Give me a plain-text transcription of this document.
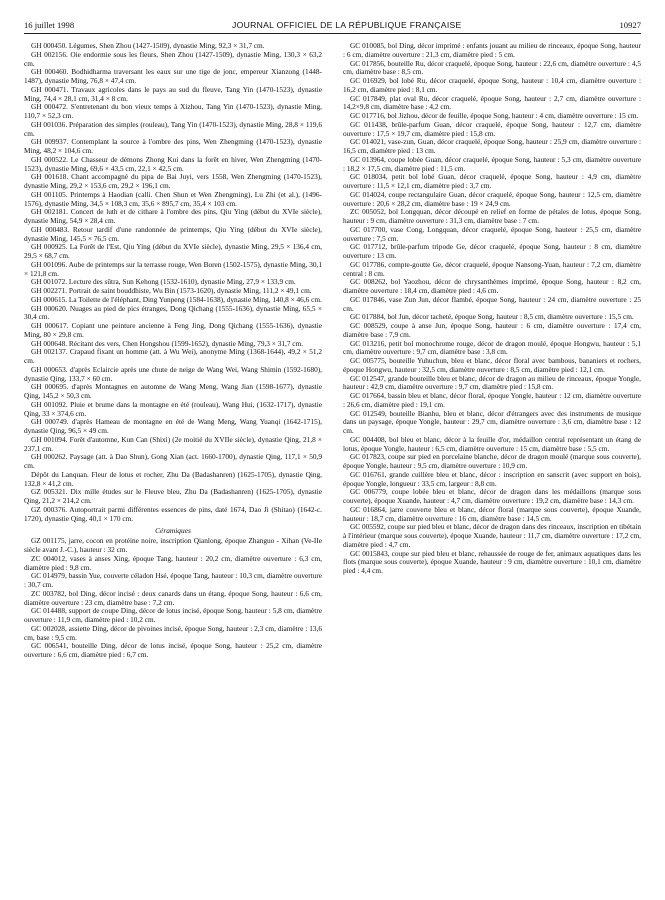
16 juillet 1998	JOURNAL OFFICIEL DE LA RÉPUBLIQUE FRANÇAISE	10927

GH 000450. Légumes, Shen Zhou (1427-1509), dynastie Ming, 92,3 × 31,7 cm.

GH 002156. Oie endormie sous les fleurs, Shen Zhou (1427-1509), dynastie Ming, 130,3 × 63,2 cm.

GH 000460. Bodhidharma traversant les eaux sur une tige de jonc, empereur Xianzong (1448-1487), dynastie Ming, 76,8 × 47,4 cm.

GH 000471. Travaux agricoles dans le pays au sud du fleuve, Tang Yin (1470-1523), dynastie Ming, 74,4 × 28,1 cm, 31,4 × 8 cm.

GH 000472. S'entretenant du bon vieux temps à Xizhou, Tang Yin (1470-1523), dynastie Ming, 110,7 × 52,3 cm.

GH 001036. Préparation des simples (rouleau), Tang Yin (1470-1523), dynastie Ming, 28,8 × 119,6 cm.

GH 009937. Contemplant la source à l'ombre des pins, Wen Zhengming (1470-1523), dynastie Ming, 48,2 × 104,6 cm.

GH 000522. Le Chasseur de démons Zhong Kui dans la forêt en hiver, Wen Zhengming (1470-1523), dynastie Ming, 69,6 × 43,5 cm, 22,1 × 42,5 cm.

GH 001618. Chant accompagné du pipa de Bai Juyi, vers 1558, Wen Zhengming (1470-1523), dynastie Ming, 29,2 × 153,6 cm, 29,2 × 196,1 cm.

GH 001105. Printemps à Haodian (calli. Chen Shun et Wen Zhengming), Lu Zhi (et al.), (1496-1576), dynastie Ming, 34,5 × 108,3 cm, 35,6 × 895,7 cm, 35,4 × 103 cm.

GH 002181. Concert de luth et de cithare à l'ombre des pins, Qiu Ying (début du XVIe siècle), dynastie Ming, 54,9 × 28,4 cm.

GH 000483. Retour tardif d'une randonnée de printemps, Qiu Ying (début du XVIe siècle), dynastie Ming, 145,5 × 76,5 cm.

GH 000925. La Forêt de l'Est, Qiu Ying (début du XVIe siècle), dynastie Ming, 29,5 × 136,4 cm, 29,5 × 68,7 cm.

GH 001096. Aube de printemps sur la terrasse rouge, Wen Boren (1502-1575), dynastie Ming, 30,1 × 121,8 cm.

GH 001072. Lecture des sûtra, Sun Kehong (1532-1610), dynastie Ming, 27,9 × 133,9 cm.

GH 002271. Portrait de saint bouddhiste, Wu Bin (1573-1620), dynastie Ming, 111,2 × 49,1 cm.

GH 000615. La Toilette de l'éléphant, Ding Yunpeng (1584-1638), dynastie Ming, 140,8 × 46,6 cm.

GH 000620. Nuages au pied de pics étranges, Dong Qichang (1555-1636), dynastie Ming, 65,5 × 30,4 cm.

GH 000617. Copiant une peinture ancienne à Feng Jing, Dong Qichang (1555-1636), dynastie Ming, 80 × 29,8 cm.

GH 000648. Récitant des vers, Chen Hongshou (1599-1652), dynastie Ming, 79,3 × 31,7 cm.

GH 002137. Crapaud fixant un homme (att. à Wu Wei), anonyme Ming (1368-1644), 49,2 × 51,2 cm.

GH 000653. d'après Eclaircie après une chute de neige de Wang Wei, Wang Shimin (1592-1680), dynastie Qing, 133,7 × 60 cm.

GH 000695. d'après Montagnes en automne de Wang Meng, Wang Jian (1598-1677), dynastie Qing, 145,2 × 50,3 cm.

GH 001092. Pluie et brume dans la montagne en été (rouleau), Wang Hui, (1632-1717), dynastie Qing, 33 × 374,6 cm.

GH 000749. d'après Hameau de montagne en été de Wang Meng, Wang Yuanqi (1642-1715), dynastie Qing, 96,5 × 49 cm.

GH 001094. Forêt d'automne, Kun Can (Shixi) (2e moitié du XVIIe siècle), dynastie Qing, 21,8 × 237,1 cm.

GH 000262. Paysage (att. à Dao Shun), Gong Xian (act. 1660-1700), dynastie Qing, 117,1 × 50,9 cm.

Dépôt du Lanquan. Fleur de lotus et rocher, Zhu Da (Badashanren) (1625-1705), dynastie Qing, 132,8 × 41,2 cm.

GZ 005321. Dix mille études sur le Fleuve bleu, Zhu Da (Badashanren) (1625-1705), dynastie Qing, 21,2 × 214,2 cm.

GZ 000376. Autoportrait parmi différentes essences de pins, daté 1674, Dao Ji (Shitao) (1642-c. 1720), dynastie Qing, 40,1 × 170 cm.

Céramiques

GZ 001175, jarre, cocon en protéine noire, inscription Qianlong, époque Zhanguo - Xihan (Ve-IIe siècle avant J.-C.), hauteur : 32 cm.

ZC 004012, vases à anses Xing, époque Tang, hauteur : 20,2 cm, diamètre ouverture : 6,3 cm, diamètre pied : 9,8 cm.

GC 014979, bassin Yue, couverte céladon Hsé, époque Tang, hauteur : 10,3 cm, diamètre ouverture : 30,7 cm.

ZC 003782, bol Ding, décor incisé : deux canards dans un étang, époque Song, hauteur : 6,6 cm, diamètre ouverture : 23 cm, diamètre base : 7,2 cm.

GC 014488, support de coupe Ding, décor de lotus incisé, époque Song, hauteur : 5,8 cm, diamètre ouverture : 11,9 cm, diamètre pied : 10,2 cm.

GC 002028, assiette Ding, décor de pivoines incisé, époque Song, hauteur : 2,3 cm, diamètre : 13,6 cm, base : 9,5 cm.

GC 006541, bouteille Ding, décor de lotus incisé, époque Song, hauteur : 25,2 cm, diamètre ouverture : 6,6 cm, diamètre pied : 6,7 cm.

GC 010085, bol Ding, décor imprimé : enfants jouant au milieu de rinceaux, époque Song, hauteur : 6 cm, diamètre ouverture : 21,3 cm, diamètre pied : 5 cm.

GC 017856, bouteille Ru, décor craquelé, époque Song, hauteur : 22,6 cm, diamètre ouverture : 4,5 cm, diamètre base : 8,5 cm.

GC 016929, bol lobé Ru, décor craquelé, époque Song, hauteur : 10,4 cm, diamètre ouverture : 16,2 cm, diamètre pied : 8,1 cm.

GC 017849, plat oval Ru, décor craquelé, époque Song, hauteur : 2,7 cm, diamètre ouverture : 14,2×9,8 cm, diamètre base : 4,2 cm.

GC 017716, bol Jizhou, décor de feuille, époque Song, hauteur : 4 cm, diamètre ouverture : 15 cm.

GC 011438, brûle-parfum Guan, décor craquelé, époque Song, hauteur : 12,7 cm, diamètre ouverture : 17,5 × 19,7 cm, diamètre pied : 15,8 cm.

GC 014021, vase-zun, Guan, décor craquelé, époque Song, hauteur : 25,9 cm, diamètre ouverture : 16,5 cm, diamètre pied : 13 cm.

GC 013964, coupe lobée Guan, décor craquelé, époque Song, hauteur : 5,3 cm, diamètre ouverture : 18,2 × 17,5 cm, diamètre pied : 11,5 cm.

GC 018034, petit bol lobé Guan, décor craquelé, époque Song, hauteur : 4,9 cm, diamètre ouverture : 11,5 × 12,1 cm, diamètre pied : 3,7 cm.

GC 014024, coupe rectangulaire Guan, décor craquelé, époque Song, hauteur : 12,5 cm, diamètre ouverture : 20,6 × 28,2 cm, diamètre base : 19 × 24,9 cm.

ZC 005052, bol Longquan, décor découpé en relief en forme de pétales de lotus, époque Song, hauteur : 9 cm, diamètre ouverture : 31,3 cm, diamètre base : 7 cm.

GC 017700, vase Cong, Longquan, décor craquelé, époque Song, hauteur : 25,5 cm, diamètre ouverture : 7,5 cm.

GC 017712, brûle-parfum tripode Ge, décor craquelé, époque Song, hauteur : 8 cm, diamètre ouverture : 13 cm.

GC 017786, compte-goutte Ge, décor craquelé, époque Nansong-Yuan, hauteur : 7,2 cm, diamètre central : 8 cm.

GC 008262, bol Yaozhou, décor de chrysanthèmes imprimé, époque Song, hauteur : 8,2 cm, diamètre ouverture : 18,4 cm, diamètre pied : 4,6 cm.

GC 017846, vase Zun Jun, décor flambé, époque Song, hauteur : 24 cm, diamètre ouverture : 25 cm.

GC 017884, bol Jun, décor tacheté, époque Song, hauteur : 8,5 cm, diamètre ouverture : 15,5 cm.

GC 008529, coupe à anse Jun, époque Song, hauteur : 6 cm, diamètre ouverture : 17,4 cm, diamètre base : 7,9 cm.

GC 013216, petit bol monochrome rouge, décor de dragon moulé, époque Hongwu, hauteur : 5,1 cm, diamètre ouverture : 9,7 cm, diamètre base : 3,8 cm.

GC 005775, bouteille Yuhuchun, bleu et blanc, décor floral avec bambous, bananiers et rochers, époque Hongwu, hauteur : 32,5 cm, diamètre ouverture : 8,5 cm, diamètre pied : 12,1 cm.

GC 012547, grande bouteille bleu et blanc, décor de dragon au milieu de rinceaux, époque Yongle, hauteur : 42,9 cm, diamètre ouverture : 9,7 cm, diamètre pied : 15,8 cm.

GC 017664, bassin bleu et blanc, décor floral, époque Yongle, hauteur : 12 cm, diamètre ouverture : 26,6 cm, diamètre pied : 19,1 cm.

GC 012549, bouteille Bianhu, bleu et blanc, décor d'étrangers avec des instruments de musique dans un paysage, époque Yongle, hauteur : 29,7 cm, diamètre ouverture : 3,6 cm, diamètre base : 12 cm.

GC 004408, bol bleu et blanc, décor à la feuille d'or, médaillon central représentant un étang de lotus, époque Yongle, hauteur : 6,5 cm, diamètre ouverture : 15 cm, diamètre base : 5,5 cm.

GC 017823, coupe sur pied en porcelaine blanche, décor de dragon moulé (marque sous couverte), époque Yongle, hauteur : 9,5 cm, diamètre ouverture : 10,9 cm.

GC 016761, grande cuillère bleu et blanc, décor : inscription en sanscrit (avec support en bois), époque Yongle, longueur : 33,5 cm, largeur : 8,8 cm.

GC 006779, coupe lobée bleu et blanc, décor de dragon dans les médaillons (marque sous couverte), époque Xuande, hauteur : 4,7 cm, diamètre ouverture : 19,2 cm, diamètre base : 14,3 cm.

GC 016864, jarre couverte bleu et blanc, décor floral (marque sous couverte), époque Xuande, hauteur : 18,7 cm, diamètre ouverture : 16 cm, diamètre base : 14,5 cm.

GC 005592, coupe sur pied bleu et blanc, décor de dragon dans des rinceaux, inscription en tibétain à l'intérieur (marque sous couverte), époque Xuande, hauteur : 11,7 cm, diamètre ouverture : 17,2 cm, diamètre pied : 4,7 cm.

GC 0015843, coupe sur pied bleu et blanc, rehaussée de rouge de fer, animaux aquatiques dans les flots (marque sous couverte), époque Xuande, hauteur : 9 cm, diamètre ouverture : 10,1 cm, diamètre pied : 4,4 cm.
